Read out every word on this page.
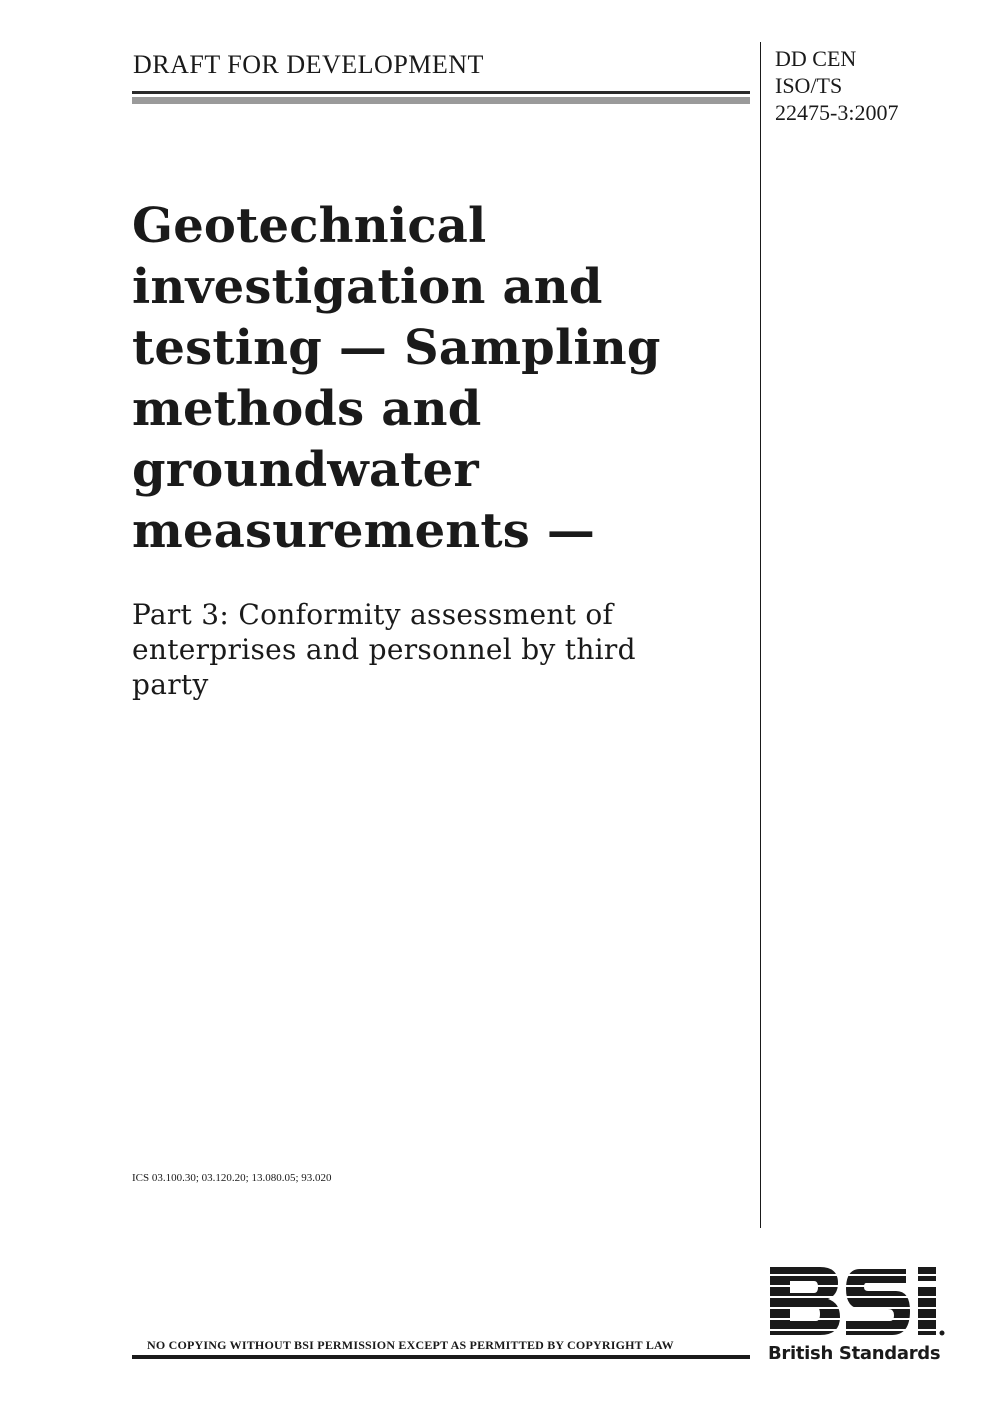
DRAFT FOR DEVELOPMENT	DD CEN
ISO/TS
22475-3:2007
Geotechnical
investigation and
testing — Sampling
methods and
groundwater
measurements —
Part 3: Conformity assessment of
enterprises and personnel by third
party
ICS 03.100.30; 03.120.20; 13.080.05; 93.020
NO COPYING WITHOUT BSI PERMISSION EXCEPT AS PERMITTED BY COPYRIGHT LAW	British Standards
